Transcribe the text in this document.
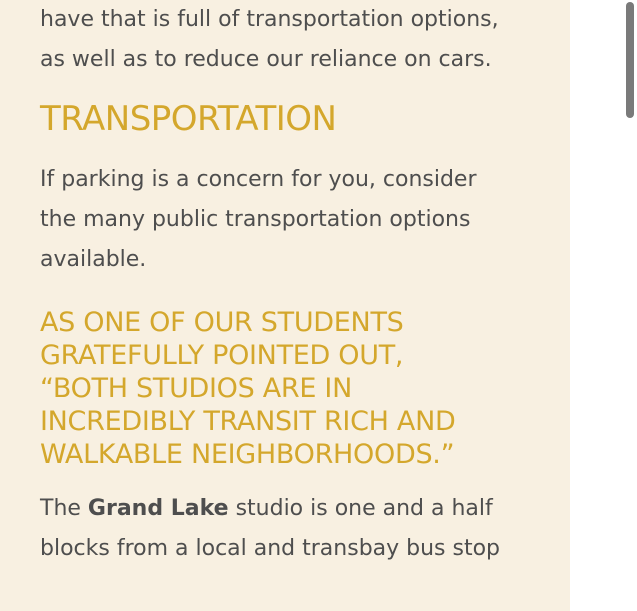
have that is full of transportation options,
as well as to reduce our reliance on cars.

TRANSPORTATION

If parking is a concern for you, consider
the many public transportation options
available.

AS ONE OF OUR STUDENTS
GRATEFULLY POINTED OUT,
“BOTH STUDIOS ARE IN
INCREDIBLY TRANSIT RICH AND
WALKABLE NEIGHBORHOODS.”

The Grand Lake studio is one and a half
blocks from a local and transbay bus stop
